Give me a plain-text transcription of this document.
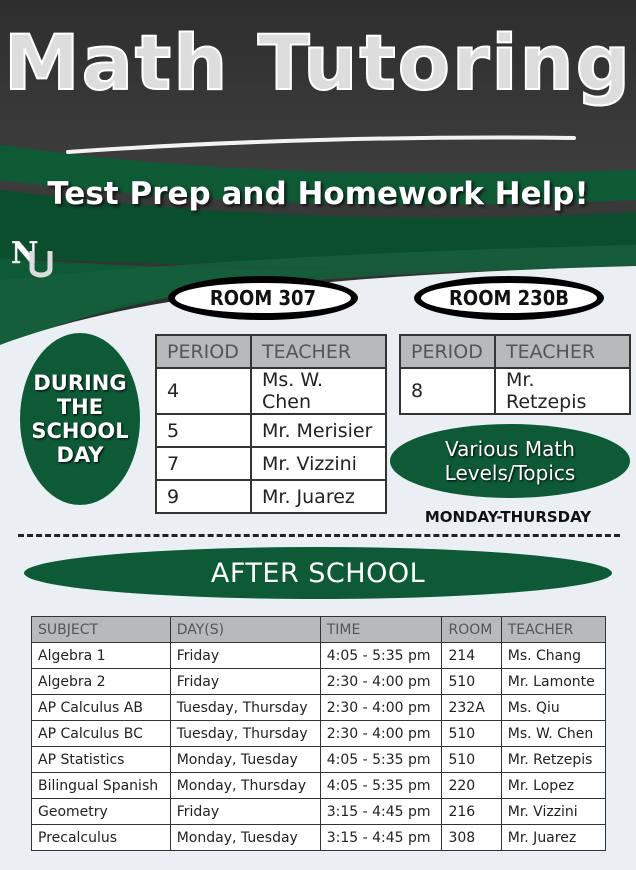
Math Tutoring
Test Prep and Homework Help!
N
ROOM 307	ROOM 230B
DURING
THE
SCHOOL
DAY
PERIOD	TEACHER
4	Ms. W. Chen
5	Mr. Merisier
7	Mr. Vizzini
9	Mr. Juarez
PERIOD	TEACHER
8	Mr. Retzepis
Various Math
Levels/Topics
MONDAY-THURSDAY
AFTER SCHOOL
SUBJECT	DAY(S)	TIME	ROOM	TEACHER
Algebra 1	Friday	4:05 - 5:35 pm	214	Ms. Chang
Algebra 2	Friday	2:30 - 4:00 pm	510	Mr. Lamonte
AP Calculus AB	Tuesday, Thursday	2:30 - 4:00 pm	232A	Ms. Qiu
AP Calculus BC	Tuesday, Thursday	2:30 - 4:00 pm	510	Ms. W. Chen
AP Statistics	Monday, Tuesday	4:05 - 5:35 pm	510	Mr. Retzepis
Bilingual Spanish	Monday, Thursday	4:05 - 5:35 pm	220	Mr. Lopez
Geometry	Friday	3:15 - 4:45 pm	216	Mr. Vizzini
Precalculus	Monday, Tuesday	3:15 - 4:45 pm	308	Mr. Juarez
